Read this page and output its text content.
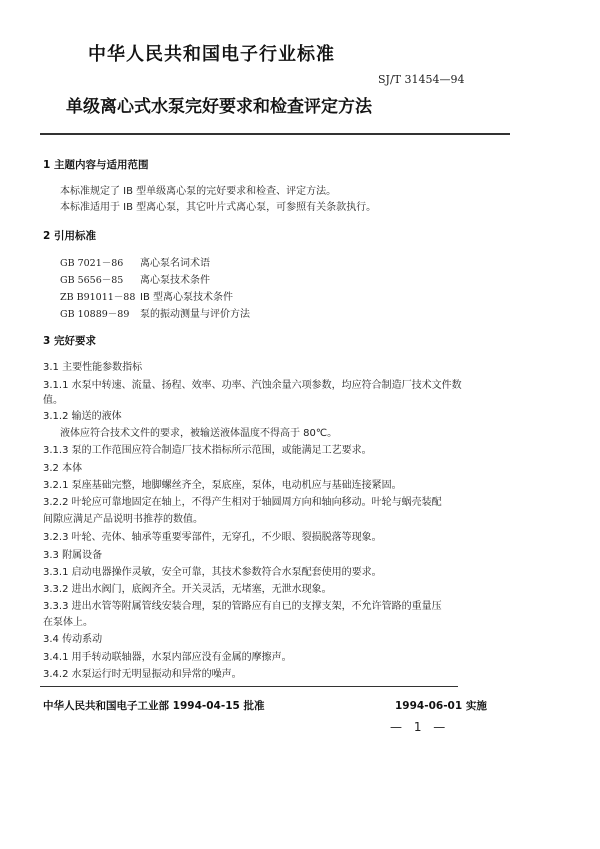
中华人民共和国电子行业标准
SJ/T 31454—94
单级离心式水泵完好要求和检查评定方法
1 主题内容与适用范围
本标准规定了 IB 型单级离心泵的完好要求和检查、评定方法。
本标准适用于 IB 型离心泵，其它叶片式离心泵，可参照有关条款执行。
2 引用标准
GB 7021－86 离心泵名词术语
GB 5656－85 离心泵技术条件
ZB B91011－88 IB 型离心泵技术条件
GB 10889－89 泵的振动测量与评价方法
3 完好要求
3.1 主要性能参数指标
3.1.1 水泵中转速、流量、扬程、效率、功率、汽蚀余量六项参数，均应符合制造厂技术文件数
值。
3.1.2 输送的液体
液体应符合技术文件的要求，被输送液体温度不得高于 80℃。
3.1.3 泵的工作范围应符合制造厂技术指标所示范围，或能满足工艺要求。
3.2 本体
3.2.1 泵座基础完整，地脚螺丝齐全，泵底座，泵体，电动机应与基础连接紧固。
3.2.2 叶轮应可靠地固定在轴上，不得产生相对于轴圆周方向和轴向移动。叶轮与蜗壳装配
间隙应满足产品说明书推荐的数值。
3.2.3 叶轮、壳体、轴承等重要零部件，无穿孔，不少眼、裂损脱落等现象。
3.3 附属设备
3.3.1 启动电器操作灵敏，安全可靠，其技术参数符合水泵配套使用的要求。
3.3.2 进出水阀门，底阀齐全。开关灵活，无堵塞，无泄水现象。
3.3.3 进出水管等附属管线安装合理，泵的管路应有自已的支撑支架，不允许管路的重量压
在泵体上。
3.4 传动系动
3.4.1 用手转动联轴器，水泵内部应没有金属的摩擦声。
3.4.2 水泵运行时无明显振动和异常的噪声。
中华人民共和国电子工业部 1994-04-15 批准	1994-06-01 实施
— 1 —
